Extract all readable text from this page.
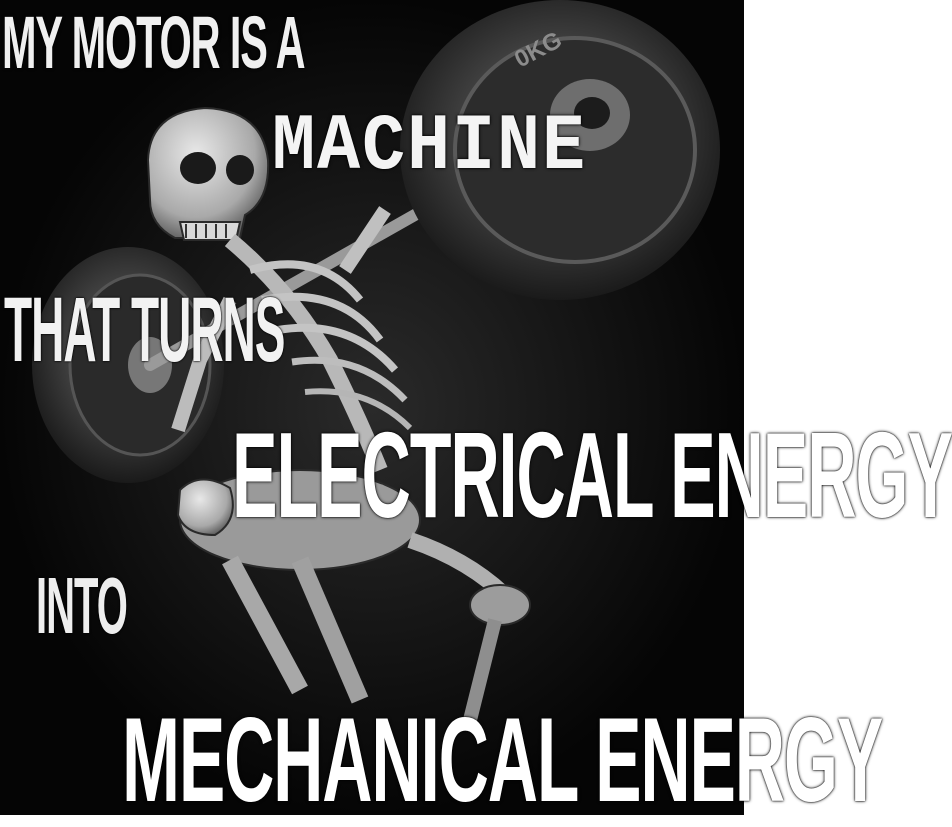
0KG

MY MOTOR IS A

MACHINE

THAT TURNS

ELECTRICAL ENERGY

INTO

MECHANICAL ENERGY
